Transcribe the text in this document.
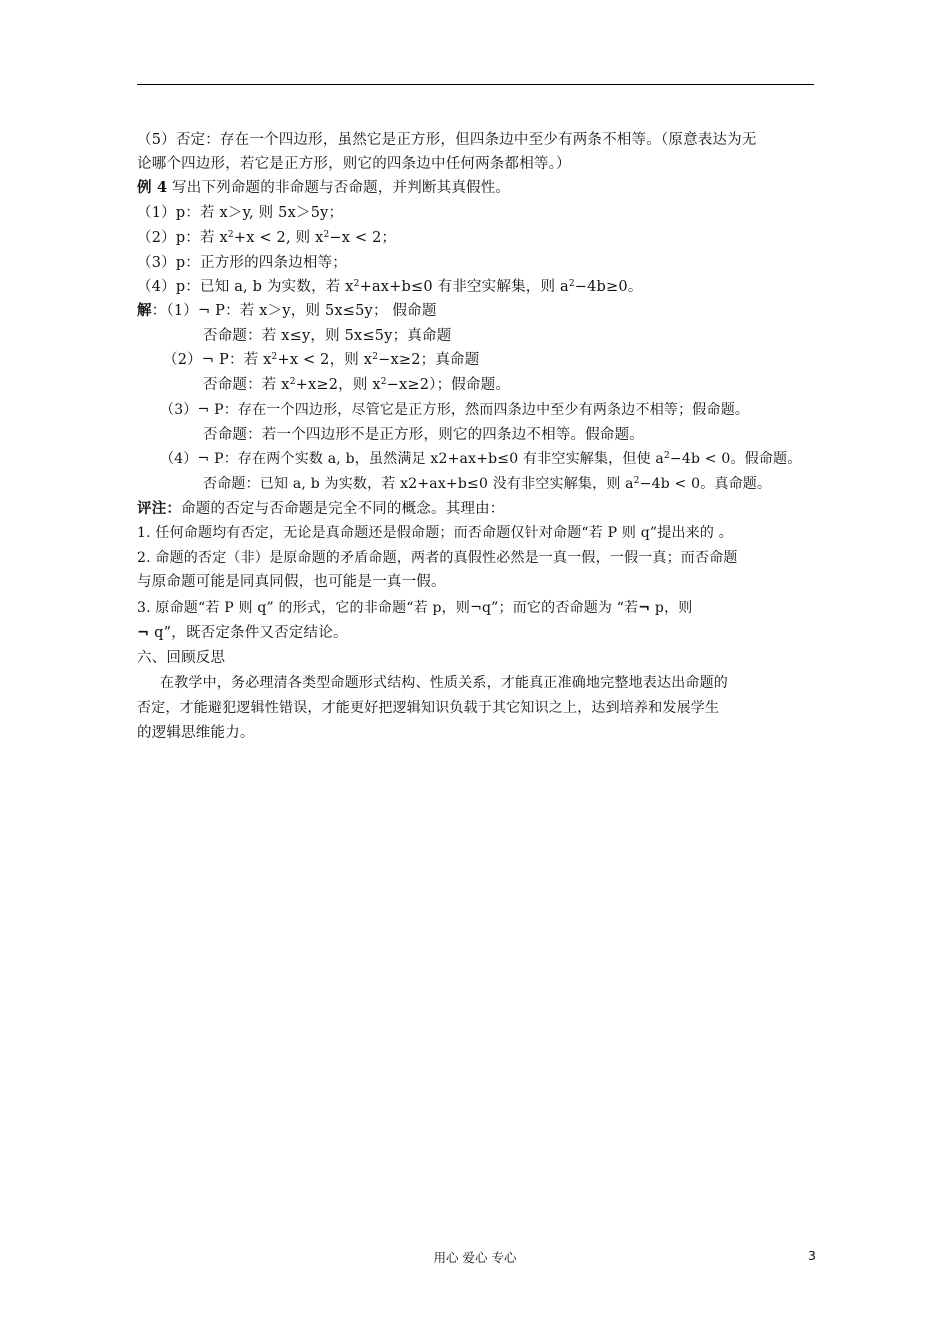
（5）否定：存在一个四边形，虽然它是正方形，但四条边中至少有两条不相等。（原意表达为无
论哪个四边形，若它是正方形，则它的四条边中任何两条都相等。）
例 4 写出下列命题的非命题与否命题，并判断其真假性。
（1）p：若 x＞y, 则 5x＞5y；
（2）p：若 $x^2+x < 2$, 则 $x^2-x < 2$；
（3）p：正方形的四条边相等；
（4）p：已知 a, b 为实数，若 $x^2+ax+b\le 0$ 有非空实解集，则 $a^2-4b\ge 0$。
解：（1）¬ P：若 x＞y，则 5x≤5y； 假命题
否命题：若 x≤y，则 5x≤5y；真命题
（2）¬ P：若 $x^2+x < 2$，则 $x^2-x\ge 2$；真命题
否命题：若 $x^2+x\ge 2$，则 $x^2-x\ge 2$）；假命题。
（3）¬ P：存在一个四边形，尽管它是正方形，然而四条边中至少有两条边不相等；假命题。
否命题：若一个四边形不是正方形，则它的四条边不相等。假命题。
（4）¬ P：存在两个实数 a, b，虽然满足 x2+ax+b≤0 有非空实解集，但使 $a^2-4b < 0$。假命题。
否命题：已知 a, b 为实数，若 x2+ax+b≤0 没有非空实解集，则 $a^2-4b < 0$。真命题。
评注：命题的否定与否命题是完全不同的概念。其理由：
1. 任何命题均有否定，无论是真命题还是假命题；而否命题仅针对命题“若 P 则 q”提出来的 。
2. 命题的否定（非）是原命题的矛盾命题，两者的真假性必然是一真一假，一假一真；而否命题
与原命题可能是同真同假，也可能是一真一假。
3. 原命题“若 P 则 q” 的形式，它的非命题“若 p，则¬q”；而它的否命题为 “若¬ p，则
¬ q”，既否定条件又否定结论。
六、回顾反思
在教学中，务必理清各类型命题形式结构、性质关系，才能真正准确地完整地表达出命题的
否定，才能避犯逻辑性错误，才能更好把逻辑知识负载于其它知识之上，达到培养和发展学生
的逻辑思维能力。
用心 爱心 专心	3
